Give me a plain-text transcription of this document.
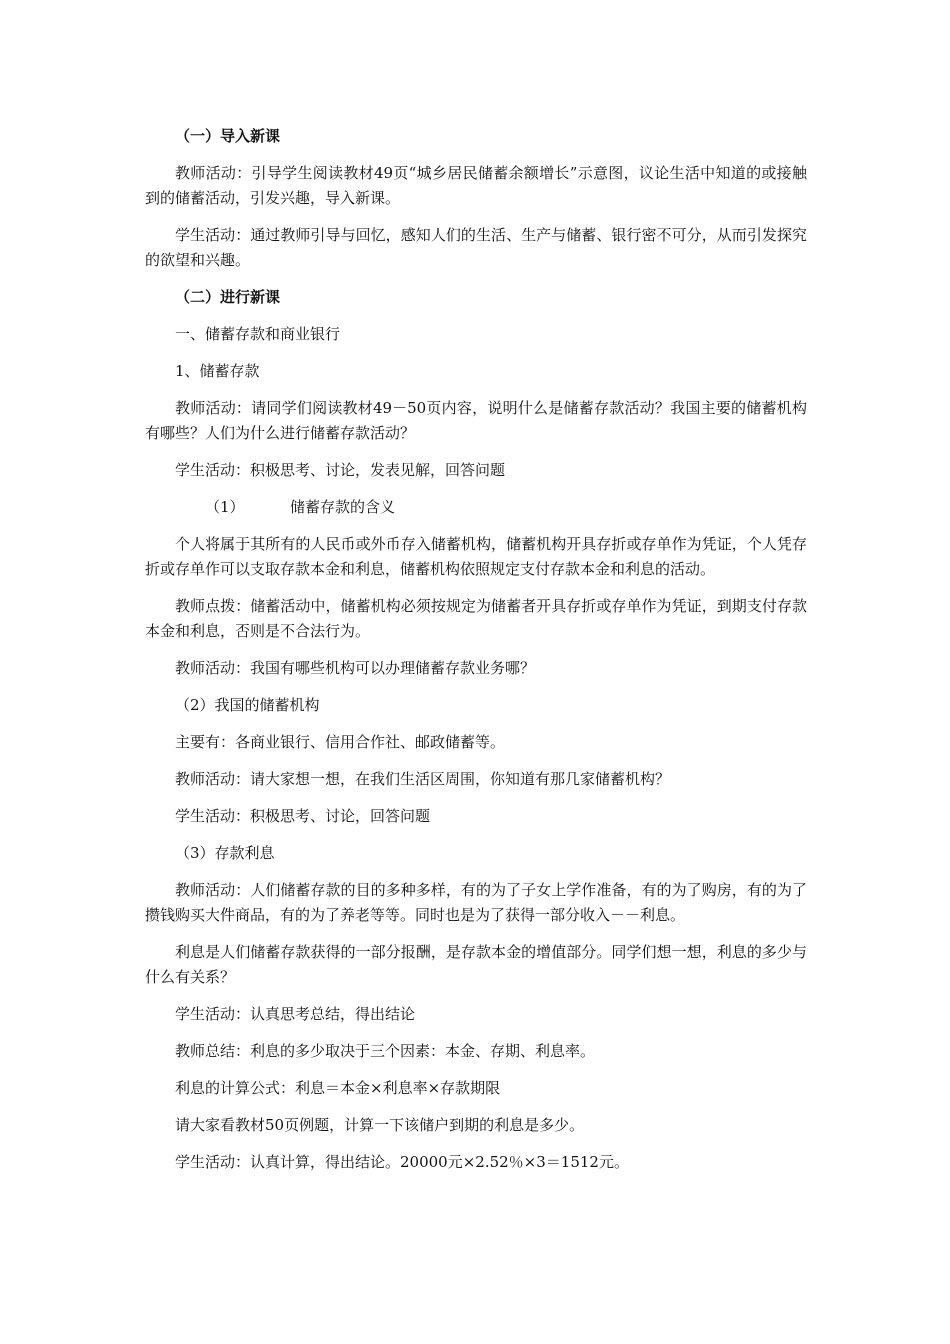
（一）导入新课

教师活动：引导学生阅读教材49页“城乡居民储蓄余额增长”示意图，议论生活中知道的或接触到的储蓄活动，引发兴趣，导入新课。

学生活动：通过教师引导与回忆，感知人们的生活、生产与储蓄、银行密不可分，从而引发探究的欲望和兴趣。

（二）进行新课

一、储蓄存款和商业银行

1、储蓄存款

教师活动：请同学们阅读教材49－50页内容，说明什么是储蓄存款活动？我国主要的储蓄机构有哪些？人们为什么进行储蓄存款活动？

学生活动：积极思考、讨论，发表见解，回答问题

（1）	储蓄存款的含义

个人将属于其所有的人民币或外币存入储蓄机构，储蓄机构开具存折或存单作为凭证，个人凭存折或存单作可以支取存款本金和利息，储蓄机构依照规定支付存款本金和利息的活动。

教师点拨：储蓄活动中，储蓄机构必须按规定为储蓄者开具存折或存单作为凭证，到期支付存款本金和利息，否则是不合法行为。

教师活动：我国有哪些机构可以办理储蓄存款业务哪？

（2）我国的储蓄机构

主要有：各商业银行、信用合作社、邮政储蓄等。

教师活动：请大家想一想，在我们生活区周围，你知道有那几家储蓄机构？

学生活动：积极思考、讨论，回答问题

（3）存款利息

教师活动：人们储蓄存款的目的多种多样，有的为了子女上学作准备，有的为了购房，有的为了攒钱购买大件商品，有的为了养老等等。同时也是为了获得一部分收入－－利息。

利息是人们储蓄存款获得的一部分报酬，是存款本金的增值部分。同学们想一想，利息的多少与什么有关系？

学生活动：认真思考总结，得出结论

教师总结：利息的多少取决于三个因素：本金、存期、利息率。

利息的计算公式：利息＝本金×利息率×存款期限

请大家看教材50页例题，计算一下该储户到期的利息是多少。

学生活动：认真计算，得出结论。20000元×2.52％×3＝1512元。
